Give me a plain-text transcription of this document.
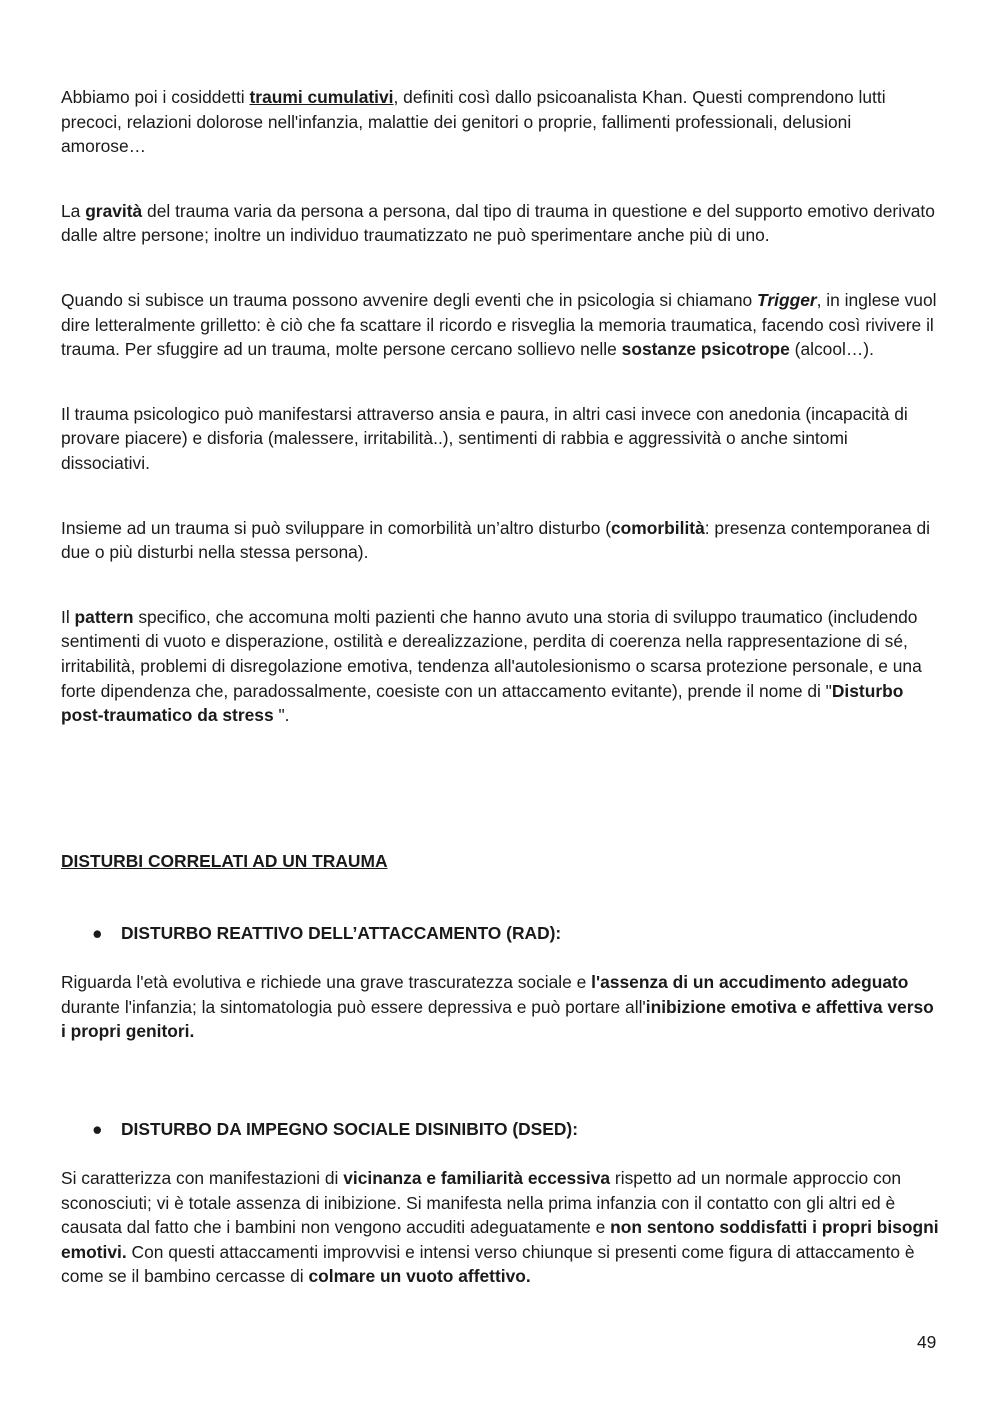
Abbiamo poi i cosiddetti traumi cumulativi, definiti così dallo psicoanalista Khan. Questi comprendono lutti precoci, relazioni dolorose nell'infanzia, malattie dei genitori o proprie, fallimenti professionali, delusioni amorose…

La gravità del trauma varia da persona a persona, dal tipo di trauma in questione e del supporto emotivo derivato dalle altre persone; inoltre un individuo traumatizzato ne può sperimentare anche più di uno.

Quando si subisce un trauma possono avvenire degli eventi che in psicologia si chiamano Trigger, in inglese vuol dire letteralmente grilletto: è ciò che fa scattare il ricordo e risveglia la memoria traumatica, facendo così rivivere il trauma. Per sfuggire ad un trauma, molte persone cercano sollievo nelle sostanze psicotrope (alcool…).

Il trauma psicologico può manifestarsi attraverso ansia e paura, in altri casi invece con anedonia (incapacità di provare piacere) e disforia (malessere, irritabilità..), sentimenti di rabbia e aggressività o anche sintomi dissociativi.

Insieme ad un trauma si può sviluppare in comorbilità un’altro disturbo (comorbilità: presenza contemporanea di due o più disturbi nella stessa persona).

Il pattern specifico, che accomuna molti pazienti che hanno avuto una storia di sviluppo traumatico (includendo sentimenti di vuoto e disperazione, ostilità e derealizzazione, perdita di coerenza nella rappresentazione di sé, irritabilità, problemi di disregolazione emotiva, tendenza all'autolesionismo o scarsa protezione personale, e una forte dipendenza che, paradossalmente, coesiste con un attaccamento evitante), prende il nome di "Disturbo post-traumatico da stress ".

DISTURBI CORRELATI AD UN TRAUMA
● DISTURBO REATTIVO DELL’ATTACCAMENTO (RAD):

Riguarda l'età evolutiva e richiede una grave trascuratezza sociale e l'assenza di un accudimento adeguato durante l'infanzia; la sintomatologia può essere depressiva e può portare all'inibizione emotiva e affettiva verso i propri genitori.

● DISTURBO DA IMPEGNO SOCIALE DISINIBITO (DSED):

Si caratterizza con manifestazioni di vicinanza e familiarità eccessiva rispetto ad un normale approccio con sconosciuti; vi è totale assenza di inibizione. Si manifesta nella prima infanzia con il contatto con gli altri ed è causata dal fatto che i bambini non vengono accuditi adeguatamente e non sentono soddisfatti i propri bisogni emotivi. Con questi attaccamenti improvvisi e intensi verso chiunque si presenti come figura di attaccamento è come se il bambino cercasse di colmare un vuoto affettivo.

49
